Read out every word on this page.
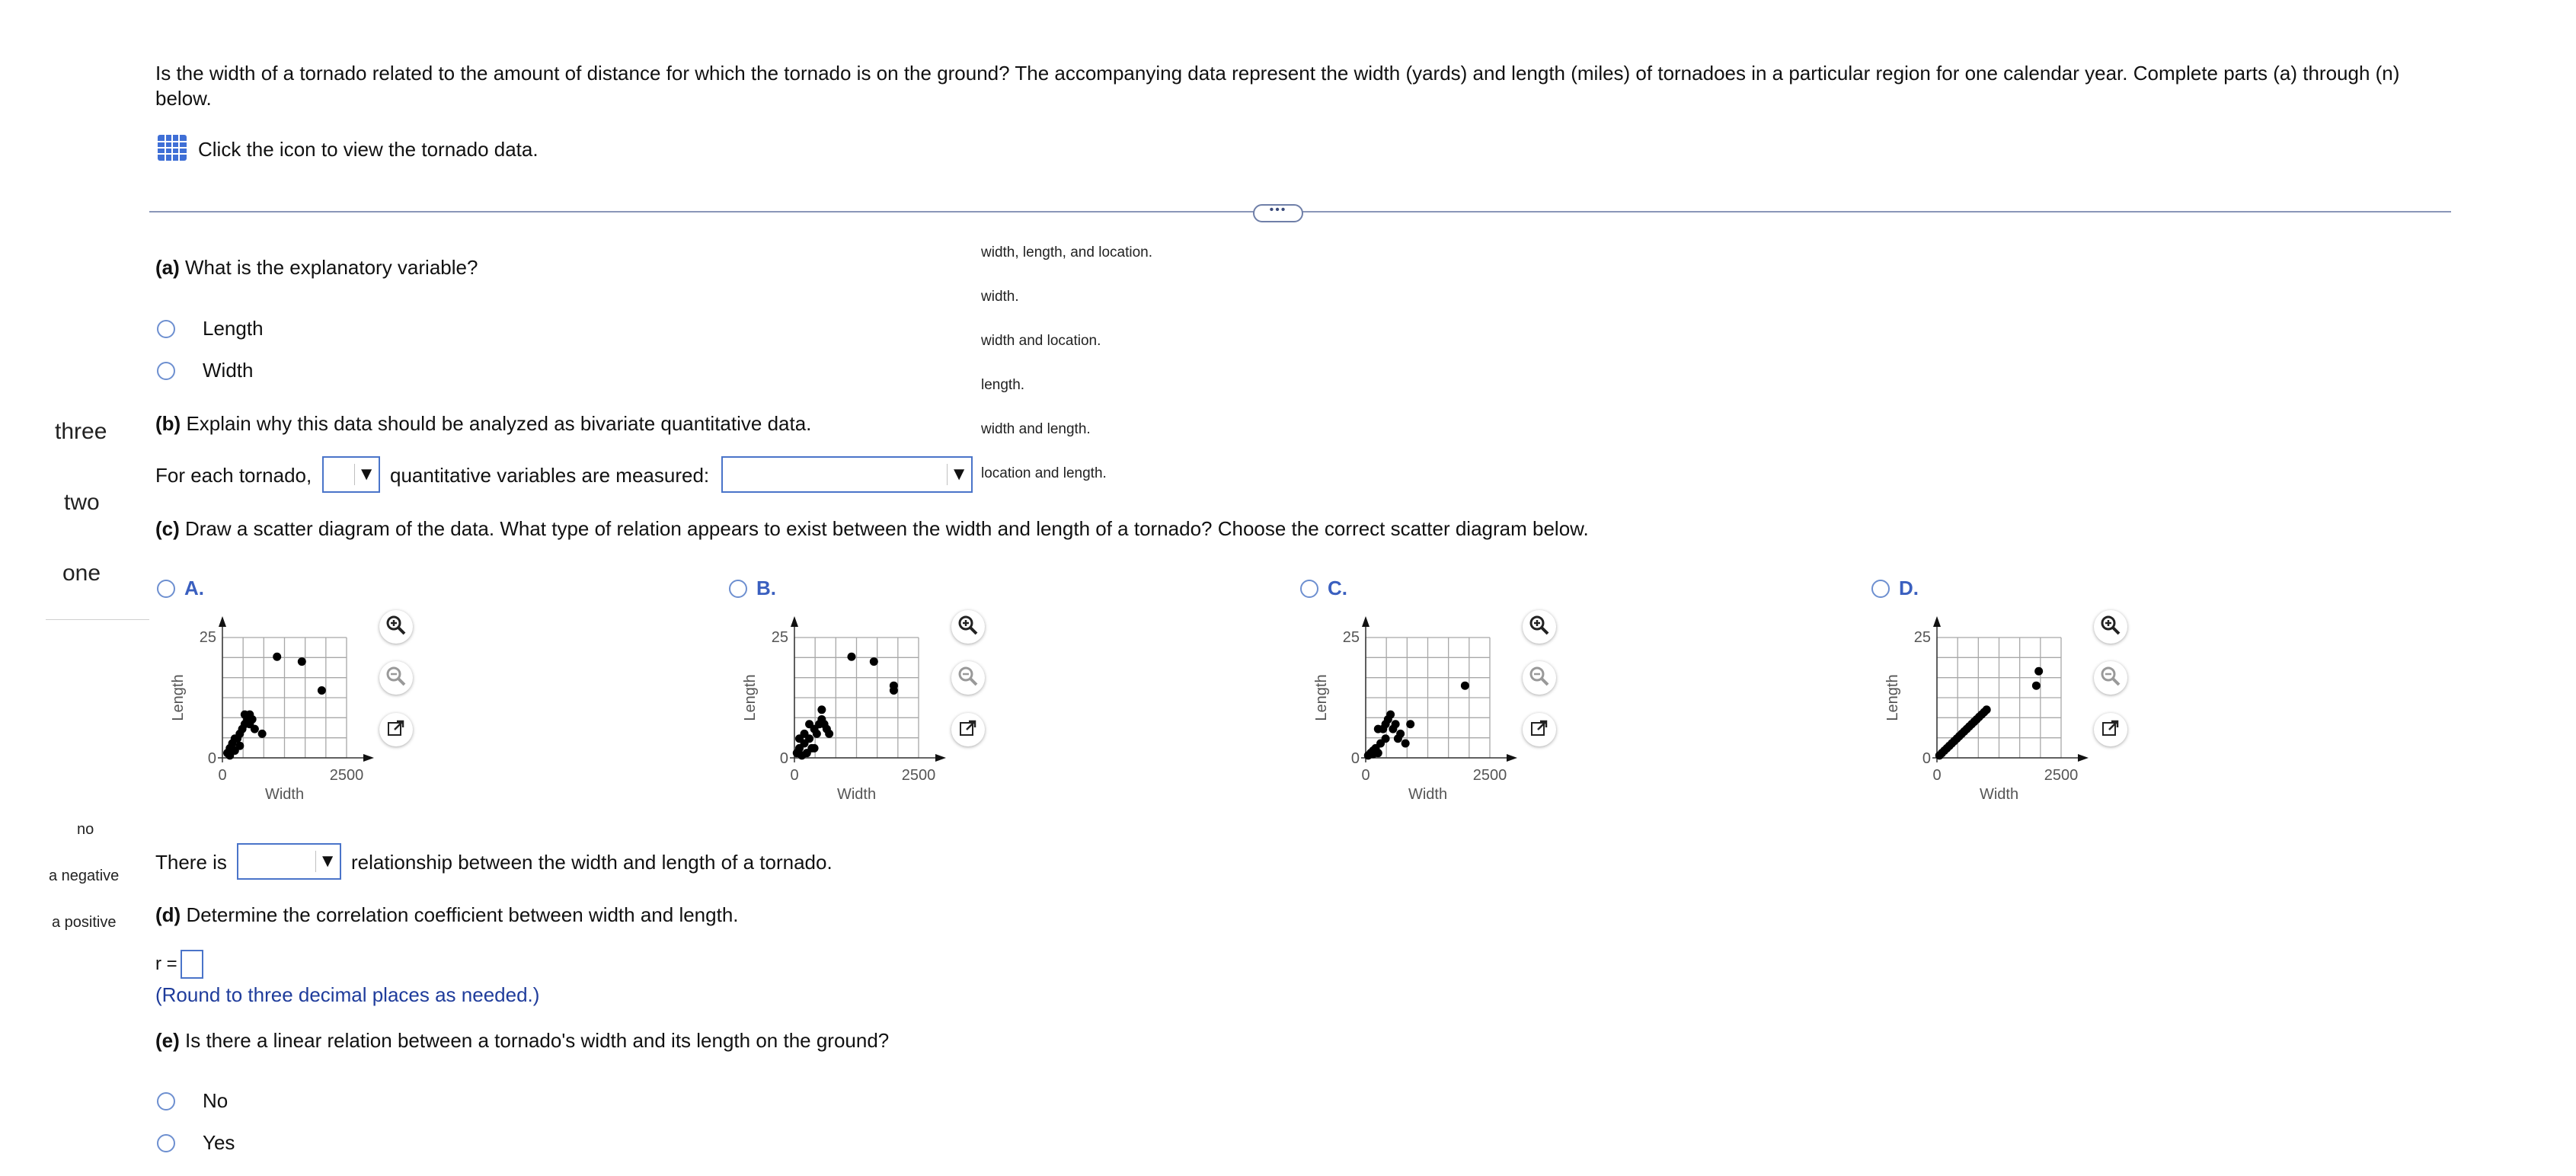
Is the width of a tornado related to the amount of distance for which the tornado is on the ground? The accompanying data represent the width (yards) and length (miles) of tornadoes in a particular region for one calendar year. Complete parts (a) through (n) below.
Click the icon to view the tornado data.
•••
(a) What is the explanatory variable?
Length
Width
width, length, and location.
width.
width and location.
length.
width and length.
location and length.
three
two
one
(b) Explain why this data should be analyzed as bivariate quantitative data.
For each tornado,	▼ quantitative variables are measured:	▼
(c) Draw a scatter diagram of the data. What type of relation appears to exist between the width and length of a tornado? Choose the correct scatter diagram below.
A.
25
0
0	2500
Width
Length
B.
25
0
0	2500
Width
Length
C.
25
0
0	2500
Width
Length
D.
25
0
0	2500
Width
Length
no
a negative
a positive
There is	▼ relationship between the width and length of a tornado.
(d) Determine the correlation coefficient between width and length.
r =
(Round to three decimal places as needed.)
(e) Is there a linear relation between a tornado's width and its length on the ground?
No
Yes
